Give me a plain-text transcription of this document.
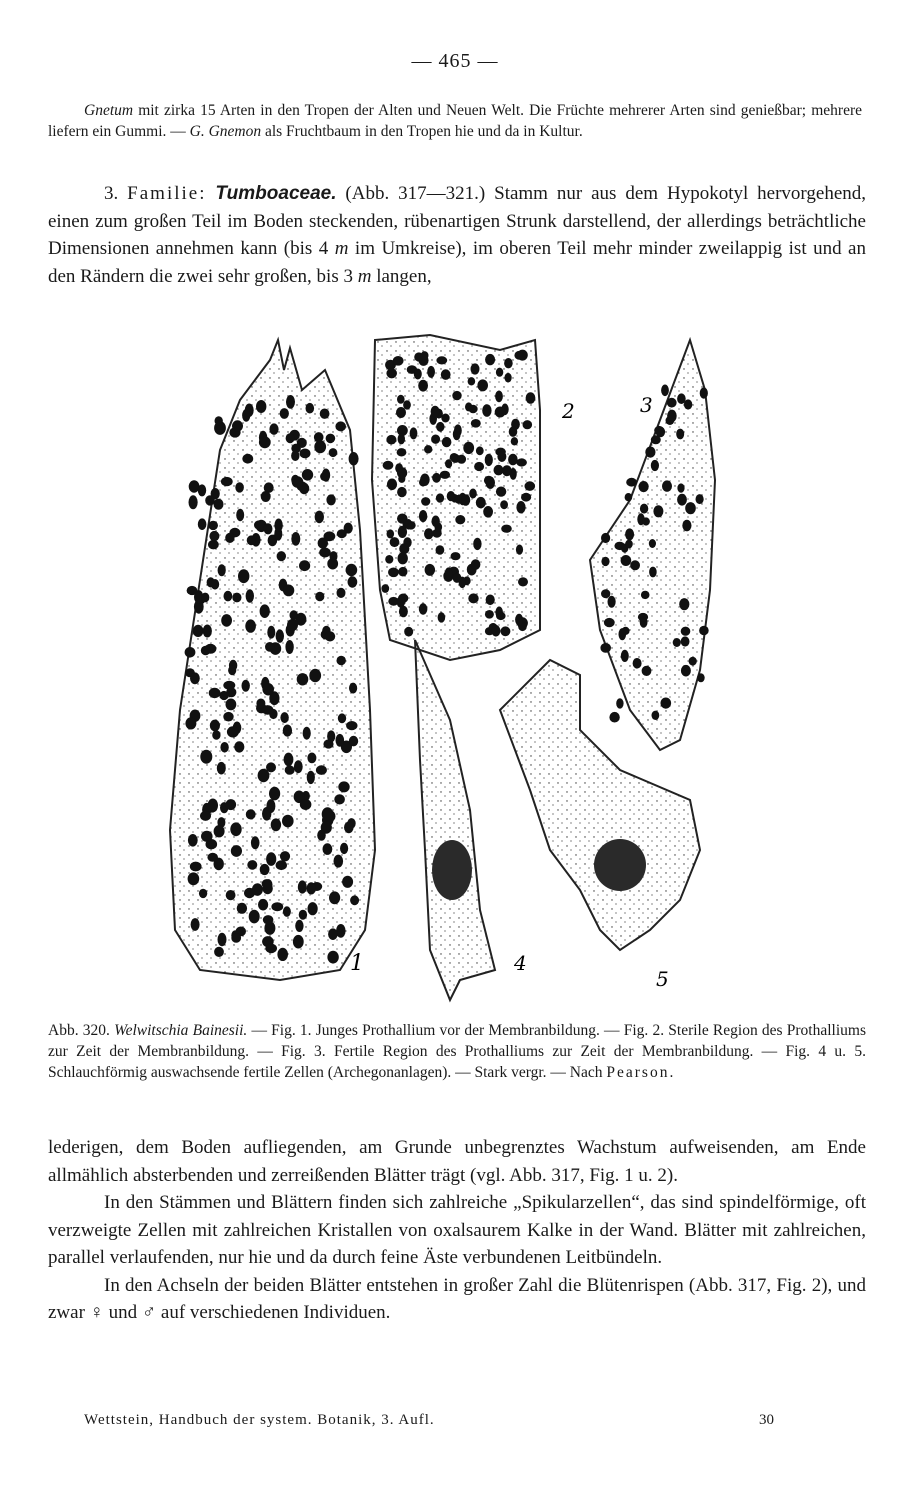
— 465 —

Gnetum mit zirka 15 Arten in den Tropen der Alten und Neuen Welt. Die Früchte mehrerer Arten sind genießbar; mehrere liefern ein Gummi. — G. Gnemon als Fruchtbaum in den Tropen hie und da in Kultur.

3. Familie: Tumboaceae. (Abb. 317—321.) Stamm nur aus dem Hypokotyl hervorgehend, einen zum großen Teil im Boden steckenden, rübenartigen Strunk darstellend, der allerdings beträchtliche Dimensionen annehmen kann (bis 4 m im Umkreise), im oberen Teil mehr minder zweilappig ist und an den Rändern die zwei sehr großen, bis 3 m langen,

1
2	3
4
5
Abb. 320. Welwitschia Bainesii. — Fig. 1. Junges Prothallium vor der Membranbildung. — Fig. 2. Sterile Region des Prothalliums zur Zeit der Membranbildung. — Fig. 3. Fertile Region des Prothalliums zur Zeit der Membranbildung. — Fig. 4 u. 5. Schlauchförmig auswachsende fertile Zellen (Archegonanlagen). — Stark vergr. — Nach Pearson.

lederigen, dem Boden aufliegenden, am Grunde unbegrenztes Wachstum aufweisenden, am Ende allmählich absterbenden und zerreißenden Blätter trägt (vgl. Abb. 317, Fig. 1 u. 2).

In den Stämmen und Blättern finden sich zahlreiche „Spikularzellen“, das sind spindelförmige, oft verzweigte Zellen mit zahlreichen Kristallen von oxalsaurem Kalke in der Wand. Blätter mit zahlreichen, parallel verlaufenden, nur hie und da durch feine Äste verbundenen Leitbündeln.

In den Achseln der beiden Blätter entstehen in großer Zahl die Blütenrispen (Abb. 317, Fig. 2), und zwar ♀ und ♂ auf verschiedenen Individuen.

Wettstein, Handbuch der system. Botanik, 3. Aufl.	30
